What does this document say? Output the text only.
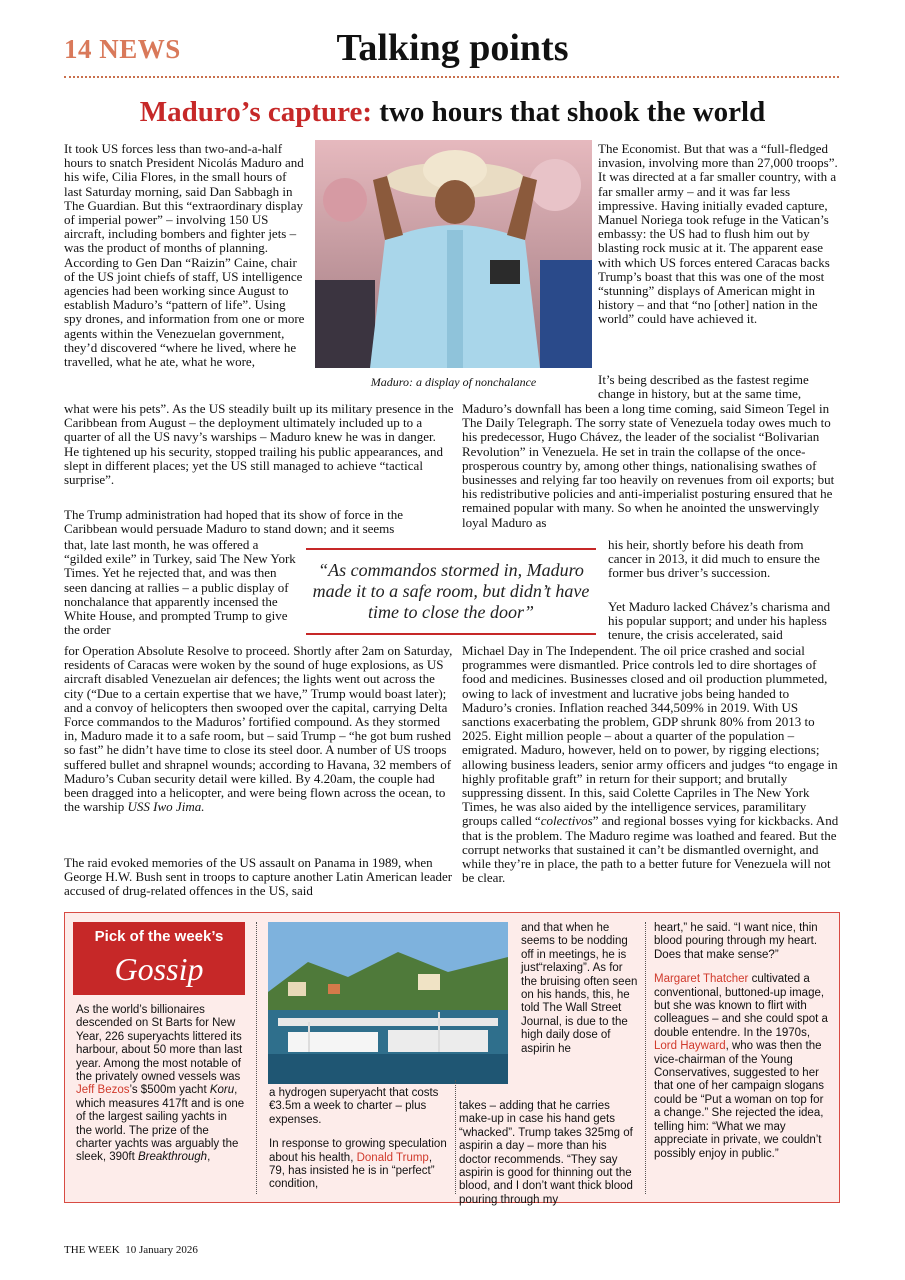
14 NEWS	Talking points
Maduro’s capture: two hours that shook the world
It took US forces less than two-and-a-half hours to snatch President Nicolás Maduro and his wife, Cilia Flores, in the small hours of last Saturday morning, said Dan Sabbagh in The Guardian. But this “extraordinary display of imperial power” – involving 150 US aircraft, including bombers and fighter jets – was the product of months of planning. According to Gen Dan “Raizin” Caine, chair of the US joint chiefs of staff, US intelligence agencies had been working since August to establish Maduro’s “pattern of life”. Using spy drones, and information from one or more agents within the Venezuelan government, they’d discovered “where he lived, where he travelled, what he ate, what he wore,
Maduro: a display of nonchalance
what were his pets”. As the US steadily built up its military presence in the Caribbean from August – the deployment ultimately included up to a quarter of all the US navy’s warships – Maduro knew he was in danger. He tightened up his security, stopped trailing his public appearances, and slept in different places; yet the US still managed to achieve “tactical surprise”.
The Trump administration had hoped that its show of force in the Caribbean would persuade Maduro to stand down; and it seems
that, late last month, he was offered a “gilded exile” in Turkey, said The New York Times. Yet he rejected that, and was then seen dancing at rallies – a public display of nonchalance that apparently incensed the White House, and prompted Trump to give the order
for Operation Absolute Resolve to proceed. Shortly after 2am on Saturday, residents of Caracas were woken by the sound of huge explosions, as US aircraft disabled Venezuelan air defences; the lights went out across the city (“Due to a certain expertise that we have,” Trump would boast later); and a convoy of helicopters then swooped over the capital, carrying Delta Force commandos to the Maduros’ fortified compound. As they stormed in, Maduro made it to a safe room, but – said Trump – “he got bum rushed so fast” he didn’t have time to close its steel door. A number of US troops suffered bullet and shrapnel wounds; according to Havana, 32 members of Maduro’s Cuban security detail were killed. By 4.20am, the couple had been dragged into a helicopter, and were being flown across the ocean, to the warship USS Iwo Jima.
The raid evoked memories of the US assault on Panama in 1989, when George H.W. Bush sent in troops to capture another Latin American leader accused of drug-related offences in the US, said
“As commandos stormed in, Maduro made it to a safe room, but didn’t have time to close the door”
The Economist. But that was a “full-fledged invasion, involving more than 27,000 troops”. It was directed at a far smaller country, with a far smaller army – and it was far less impressive. Having initially evaded capture, Manuel Noriega took refuge in the Vatican’s embassy: the US had to flush him out by blasting rock music at it. The apparent ease with which US forces entered Caracas backs Trump’s boast that this was one of the most “stunning” displays of American might in history – and that “no [other] nation in the world” could have achieved it.
It’s being described as the fastest regime change in history, but at the same time,
Maduro’s downfall has been a long time coming, said Simeon Tegel in The Daily Telegraph. The sorry state of Venezuela today owes much to his predecessor, Hugo Chávez, the leader of the socialist “Bolivarian Revolution” in Venezuela. He set in train the collapse of the once-prosperous country by, among other things, nationalising swathes of businesses and relying far too heavily on revenues from oil exports; but his redistributive policies and anti-imperialist posturing ensured that he remained popular with many. So when he anointed the unswervingly loyal Maduro as
his heir, shortly before his death from cancer in 2013, it did much to ensure the former bus driver’s succession.
Yet Maduro lacked Chávez’s charisma and his popular support; and under his hapless tenure, the crisis accelerated, said
Michael Day in The Independent. The oil price crashed and social programmes were dismantled. Price controls led to dire shortages of food and medicines. Businesses closed and oil production plummeted, owing to lack of investment and lucrative jobs being handed to Maduro’s cronies. Inflation reached 344,509% in 2019. With US sanctions exacerbating the problem, GDP shrunk 80% from 2013 to 2025. Eight million people – about a quarter of the population – emigrated. Maduro, however, held on to power, by rigging elections; allowing business leaders, senior army officers and judges “to engage in highly profitable graft” in return for their support; and brutally suppressing dissent. In this, said Colette Capriles in The New York Times, he was also aided by the intelligence services, paramilitary groups called “colectivos” and regional bosses vying for kickbacks. And that is the problem. The Maduro regime was loathed and feared. But the corrupt networks that sustained it can’t be dismantled overnight, and while they’re in place, the path to a better future for Venezuela will not be clear.
Pick of the week’s
Gossip
As the world’s billionaires descended on St Barts for New Year, 226 superyachts littered its harbour, about 50 more than last year. Among the most notable of the privately owned vessels was Jeff Bezos’s $500m yacht Koru, which measures 417ft and is one of the largest sailing yachts in the world. The prize of the charter yachts was arguably the sleek, 390ft Breakthrough,
a hydrogen superyacht that costs €3.5m a week to charter – plus expenses.
In response to growing speculation about his health, Donald Trump, 79, has insisted he is in “perfect” condition,
and that when he seems to be nodding off in meetings, he is just“relaxing”. As for the bruising often seen on his hands, this, he told The Wall Street Journal, is due to the high daily dose of aspirin he
takes – adding that he carries make-up in case his hand gets “whacked”. Trump takes 325mg of aspirin a day – more than his doctor recommends. “They say aspirin is good for thinning out the blood, and I don’t want thick blood pouring through my
heart,” he said. “I want nice, thin blood pouring through my heart. Does that make sense?”
Margaret Thatcher cultivated a conventional, buttoned-up image, but she was known to flirt with colleagues – and she could spot a double entendre. In the 1970s, Lord Hayward, who was then the vice-chairman of the Young Conservatives, suggested to her that one of her campaign slogans could be “Put a woman on top for a change.” She rejected the idea, telling him: “What we may appreciate in private, we couldn’t possibly enjoy in public.”
THE WEEK 10 January 2026
